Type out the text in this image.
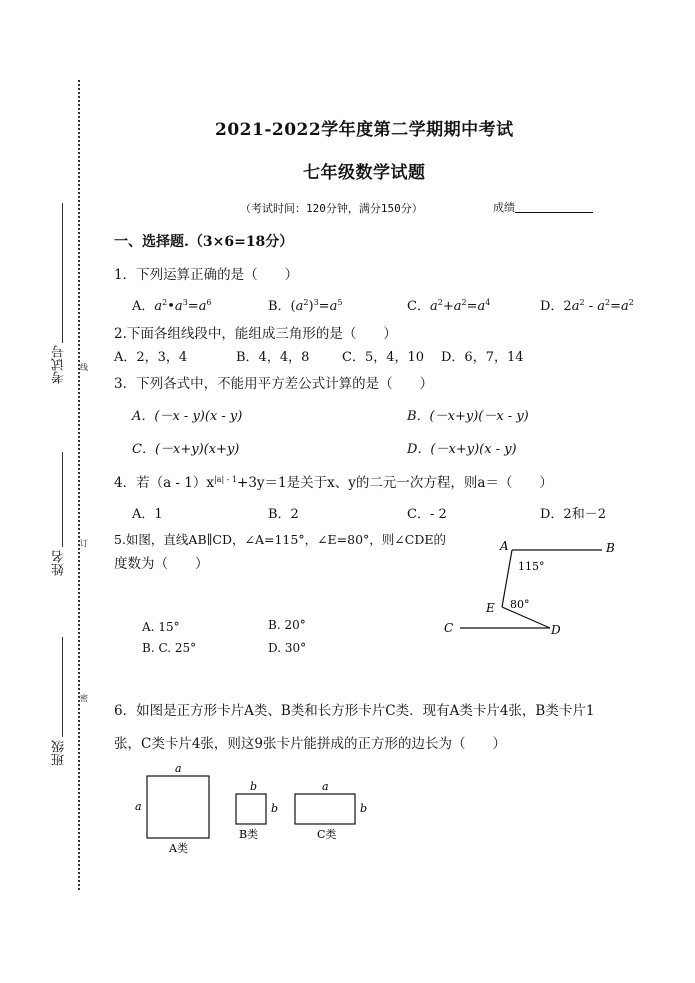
考试号
姓名
班级
线
订
密
2021-2022学年度第二学期期中考试
七年级数学试题
（考试时间：120分钟，满分150分）	成绩
一、选择题.（3×6=18分）
1．下列运算正确的是（　　）
A．$a^2•a^3=a^6$	B．$(a^2)^3=a^5$	C．$a^2+a^2=a^4$	D．$2a^2 - a^2=a^2$
2.下面各组线段中，能组成三角形的是（　　）
A．2，3，4	B．4，4，8	C．5，4，10 D．6，7，14
3．下列各式中，不能用平方差公式计算的是（　　）
A．(－x - y)(x - y)	B．(－x+y)(－x - y)
C．(－x+y)(x+y)	D．(－x+y)(x - y)
4．若$(a - 1)x^{|a| - 1}+3y=1$是关于x、y的二元一次方程，则a＝（　　）
A．1	B．2	C．- 2	D．2和－2
5.如图，直线AB∥CD，∠A=115°，∠E=80°，则∠CDE的
度数为（　　）
A. 15°	B. 20°
B. C. 25°	D. 30°
A	B
C	D
E
115°
80°
6．如图是正方形卡片A类、B类和长方形卡片C类．现有A类卡片4张，B类卡片1
张，C类卡片4张，则这9张卡片能拼成的正方形的边长为（　　）
a
a
A类
b
b
B类
a
b
C类
